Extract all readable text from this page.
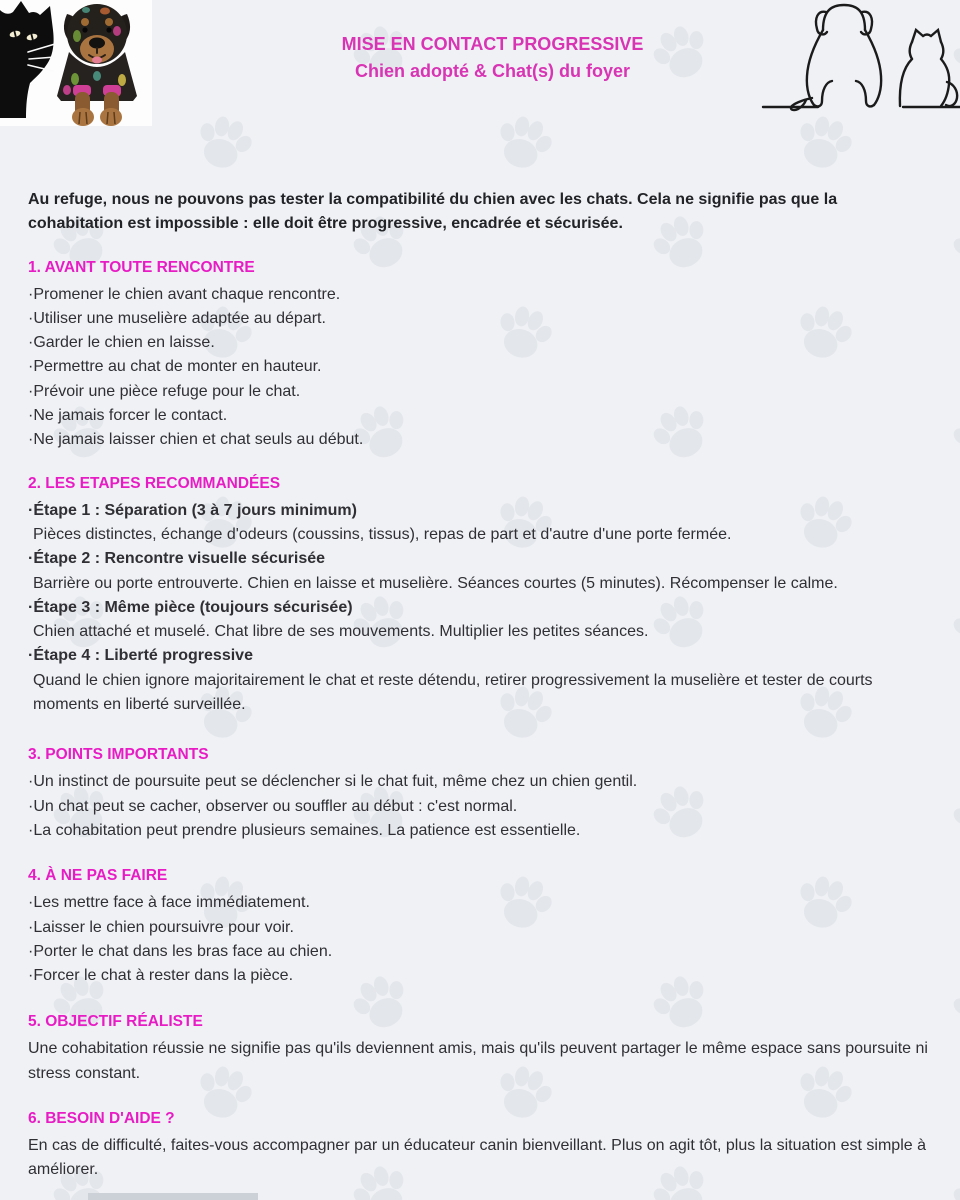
MISE EN CONTACT PROGRESSIVE
Chien adopté & Chat(s) du foyer

Au refuge, nous ne pouvons pas tester la compatibilité du chien avec les chats. Cela ne signifie pas que la cohabitation est impossible : elle doit être progressive, encadrée et sécurisée.

1. AVANT TOUTE RENCONTRE

·Promener le chien avant chaque rencontre.

·Utiliser une muselière adaptée au départ.

·Garder le chien en laisse.

·Permettre au chat de monter en hauteur.

·Prévoir une pièce refuge pour le chat.

·Ne jamais forcer le contact.

·Ne jamais laisser chien et chat seuls au début.

2. LES ETAPES RECOMMANDÉES

·Étape 1 : Séparation (3 à 7 jours minimum)

Pièces distinctes, échange d'odeurs (coussins, tissus), repas de part et d'autre d'une porte fermée.

·Étape 2 : Rencontre visuelle sécurisée

Barrière ou porte entrouverte. Chien en laisse et muselière. Séances courtes (5 minutes). Récompenser le calme.

·Étape 3 : Même pièce (toujours sécurisée)

Chien attaché et muselé. Chat libre de ses mouvements. Multiplier les petites séances.

·Étape 4 : Liberté progressive

Quand le chien ignore majoritairement le chat et reste détendu, retirer progressivement la muselière et tester de courts moments en liberté surveillée.

3. POINTS IMPORTANTS

·Un instinct de poursuite peut se déclencher si le chat fuit, même chez un chien gentil.

·Un chat peut se cacher, observer ou souffler au début : c'est normal.

·La cohabitation peut prendre plusieurs semaines. La patience est essentielle.

4. À NE PAS FAIRE

·Les mettre face à face immédiatement.

·Laisser le chien poursuivre pour voir.

·Porter le chat dans les bras face au chien.

·Forcer le chat à rester dans la pièce.

5. OBJECTIF RÉALISTE

Une cohabitation réussie ne signifie pas qu'ils deviennent amis, mais qu'ils peuvent partager le même espace sans poursuite ni stress constant.

6. BESOIN D'AIDE ?

En cas de difficulté, faites-vous accompagner par un éducateur canin bienveillant. Plus on agit tôt, plus la situation est simple à améliorer.
